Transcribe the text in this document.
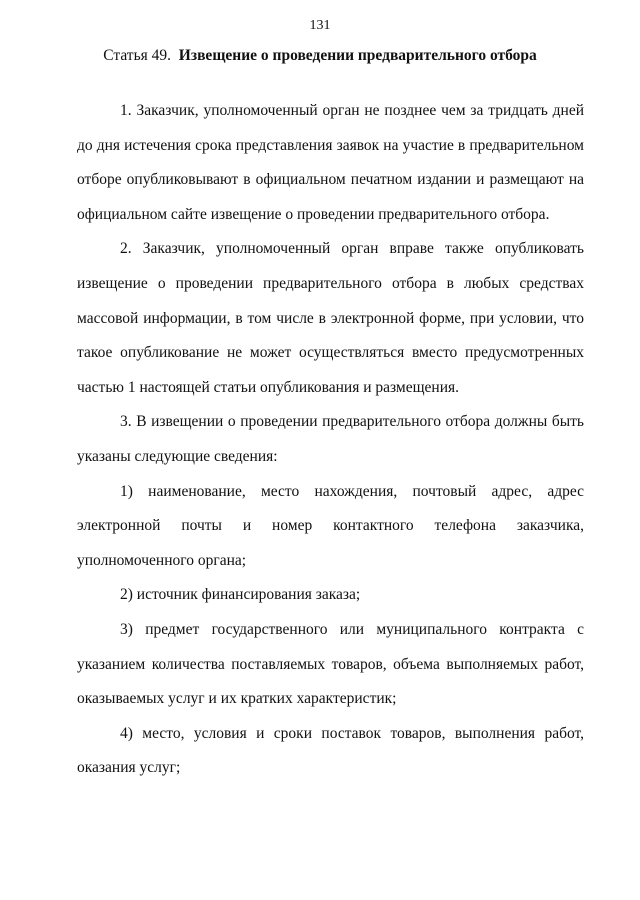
131
Статья 49. Извещение о проведении предварительного отбора

1. Заказчик, уполномоченный орган не позднее чем за тридцать дней до дня истечения срока представления заявок на участие в предварительном отборе опубликовывают в официальном печатном издании и размещают на официальном сайте извещение о проведении предварительного отбора.

2. Заказчик, уполномоченный орган вправе также опубликовать извещение о проведении предварительного отбора в любых средствах массовой информации, в том числе в электронной форме, при условии, что такое опубликование не может осуществляться вместо предусмотренных частью 1 настоящей статьи опубликования и размещения.

3. В извещении о проведении предварительного отбора должны быть указаны следующие сведения:

1) наименование, место нахождения, почтовый адрес, адрес электронной почты и номер контактного телефона заказчика, уполномоченного органа;

2) источник финансирования заказа;

3) предмет государственного или муниципального контракта с указанием количества поставляемых товаров, объема выполняемых работ, оказываемых услуг и их кратких характеристик;

4) место, условия и сроки поставок товаров, выполнения работ, оказания услуг;
